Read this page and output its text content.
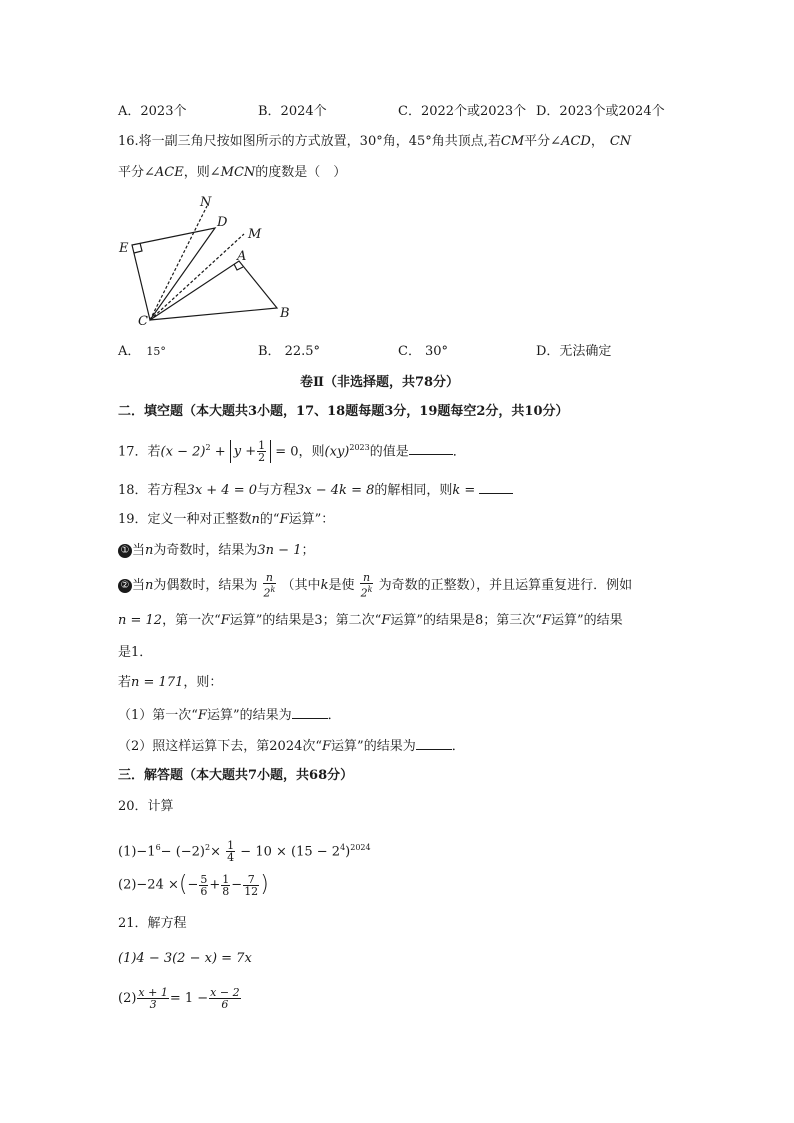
A．2023个	B．2024个	C．2022个或2023个 D．2023个或2024个
16.将一副三角尺按如图所示的方式放置，30°角，45°角共顶点,若CM平分∠ACD， CN
平分∠ACE，则∠MCN的度数是（　）
N
D
M
E
A
C
B
A． 15°	B． 22.5°	C． 30°	D．无法确定
卷Ⅱ（非选择题，共78分）
二．填空题（本大题共3小题，17、18题每题3分，19题每空2分，共10分）
17．若$(x - 2)^2 + y + \frac{1}{2} = 0$，则(xy)$^{2023}$的值是	．
18．若方程3x + 4 = 0与方程3x − 4k = 8的解相同，则k =
19．定义一种对正整数n的“F运算”：
① 当n为奇数时，结果为3n − 1；
② 当n为偶数时，结果为 $\frac{n}{2^k}$ （其中k是使 $\frac{n}{2^k}$ 为奇数的正整数），并且运算重复进行．例如
n = 12，第一次“F运算”的结果是3；第二次“F运算”的结果是8；第三次“F运算”的结果
是1．
若n = 171，则：
（1）第一次“F运算”的结果为	．
（2）照这样运算下去，第2024次“F运算”的结果为	．
三．解答题（本大题共7小题，共68分）
20．计算
$(1)-1^6- (-2)^2\times \frac{1}{4} - 10 \times (15 - 2^4)^{2024}$
(2)−24 ×(− $\frac{5}{6} + \frac{1}{8} - \frac{7}{12}$ )
21．解方程
(1)4 − 3(2 − x) = 7x
$(2) \frac{x + 1}{3} = 1 - \frac{x - 2}{6}$
